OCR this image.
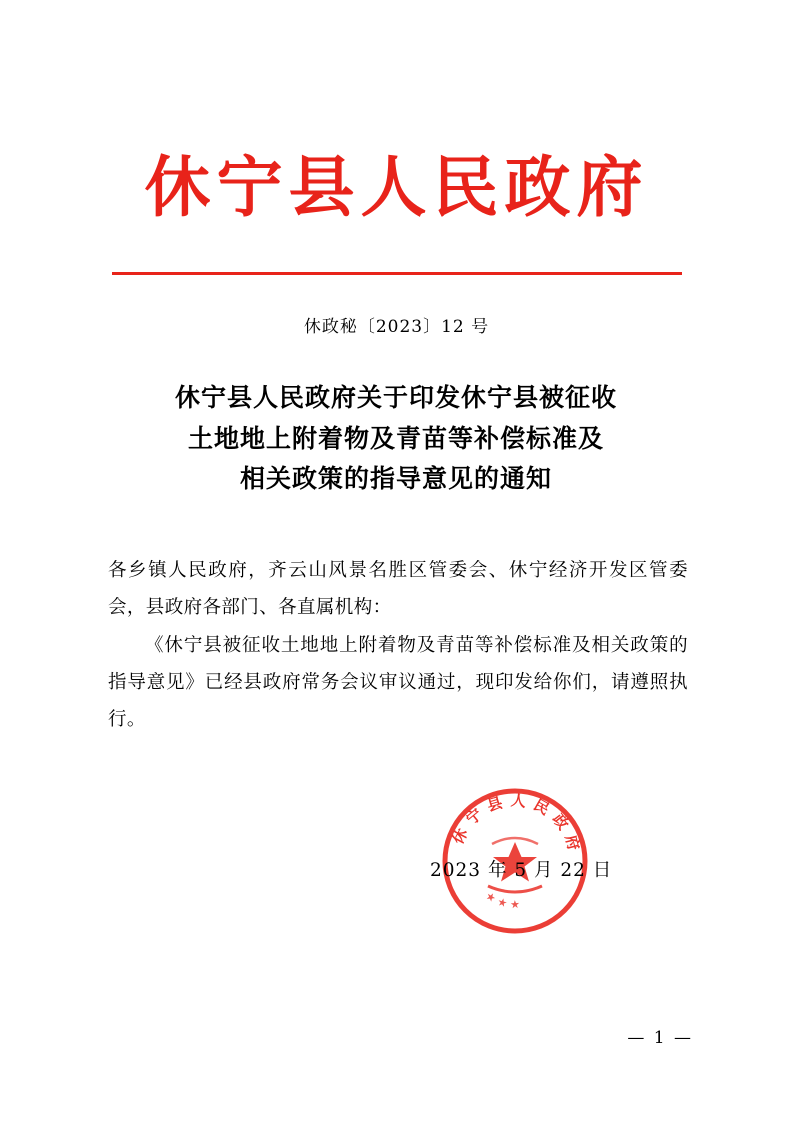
休宁县人民政府
休政秘〔2023〕12 号
休宁县人民政府关于印发休宁县被征收
土地地上附着物及青苗等补偿标准及
相关政策的指导意见的通知

各乡镇人民政府，齐云山风景名胜区管委会、休宁经济开发区管委会，县政府各部门、各直属机构：

《休宁县被征收土地地上附着物及青苗等补偿标准及相关政策的指导意见》已经县政府常务会议审议通过，现印发给你们，请遵照执行。

休宁县人民政府
★★★
2023 年 5 月 22 日
— 1 —
